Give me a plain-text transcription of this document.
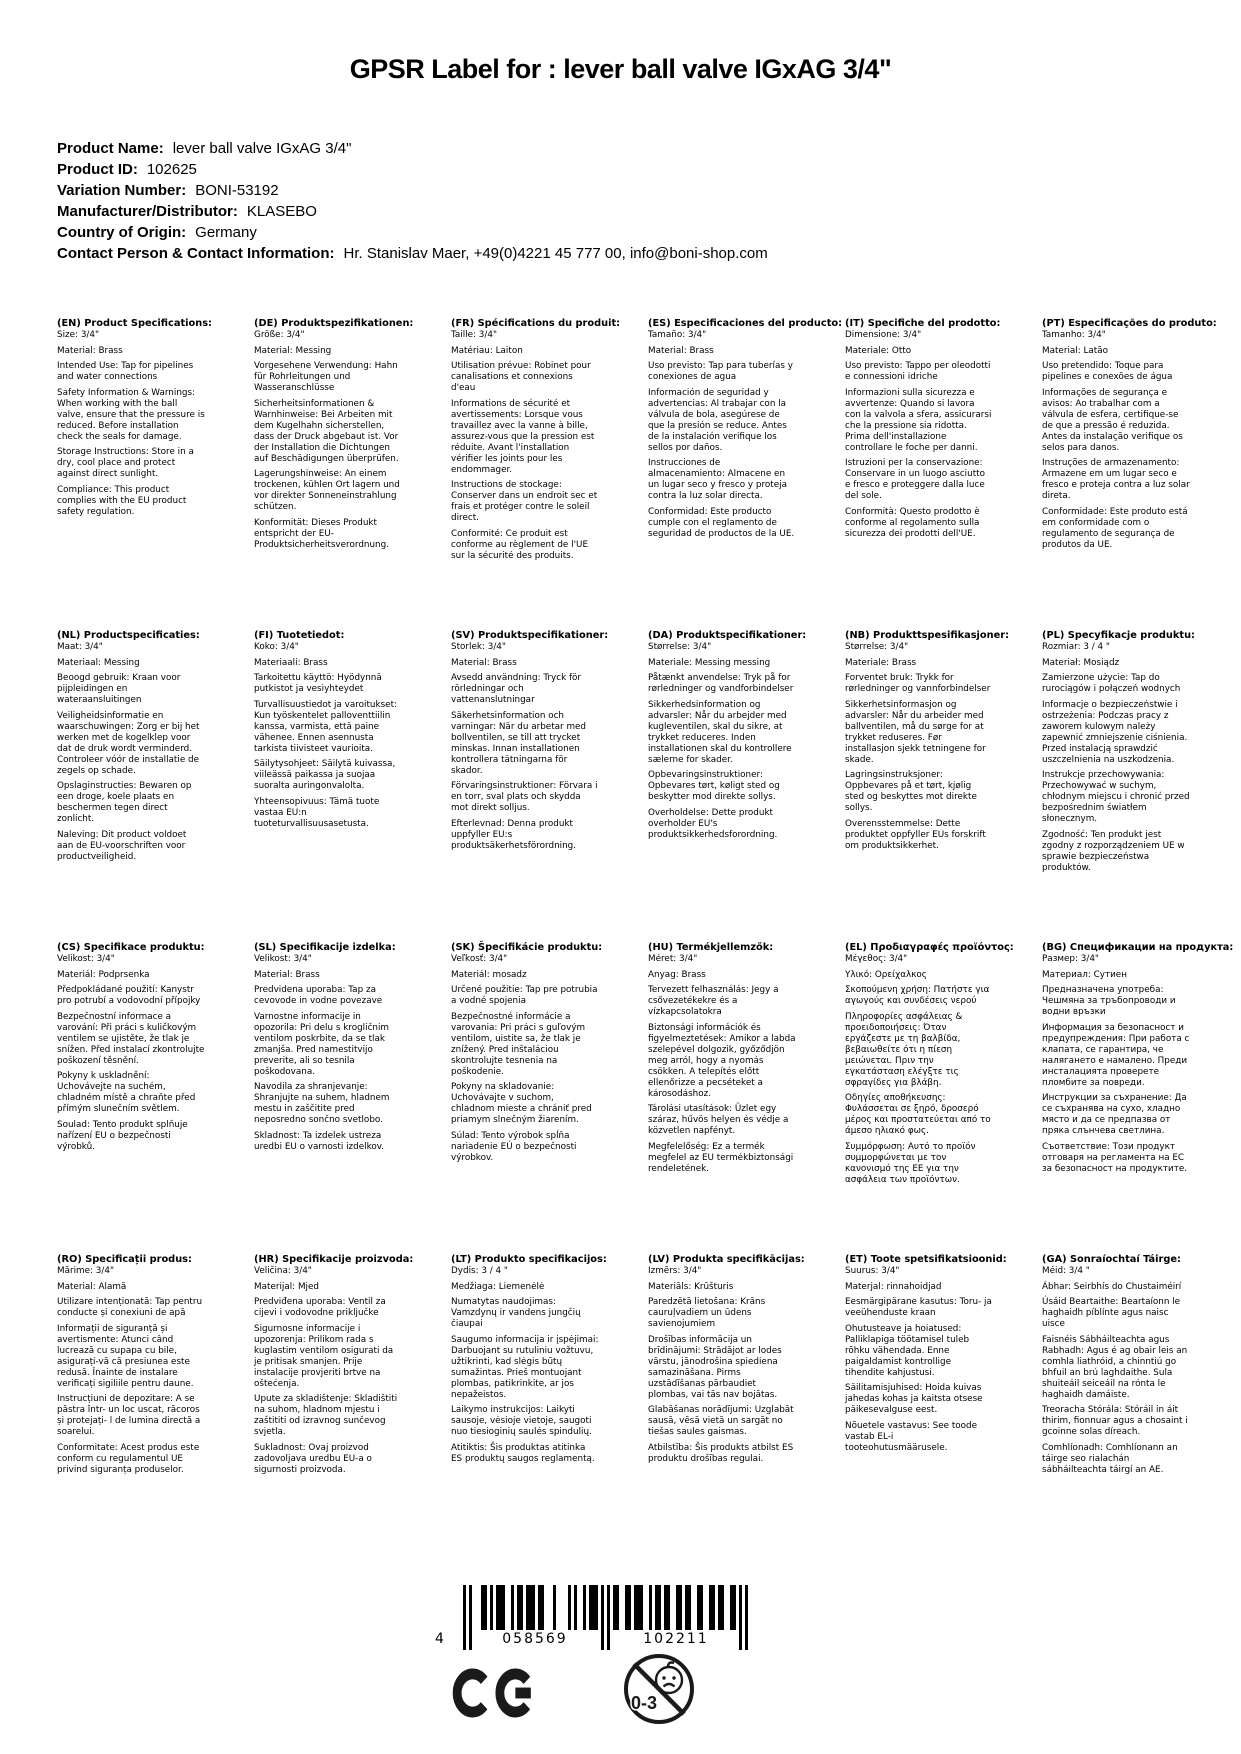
GPSR Label for : lever ball valve IGxAG 3/4"
Product Name: lever ball valve IGxAG 3/4"
Product ID: 102625
Variation Number: BONI-53192
Manufacturer/Distributor: KLASEBO
Country of Origin: Germany
Contact Person & Contact Information: Hr. Stanislav Maer, +49(0)4221 45 777 00, info@boni-shop.com
(EN) Product Specifications:

Size: 3/4"

Material: Brass

Intended Use: Tap for pipelines and water connections

Safety Information & Warnings: When working with the ball valve, ensure that the pressure is reduced. Before installation check the seals for damage.

Storage Instructions: Store in a dry, cool place and protect against direct sunlight.

Compliance: This product complies with the EU product safety regulation.

(DE) Produktspezifikationen:

Größe: 3/4"

Material: Messing

Vorgesehene Verwendung: Hahn für Rohrleitungen und Wasseranschlüsse

Sicherheitsinformationen & Warnhinweise: Bei Arbeiten mit dem Kugelhahn sicherstellen, dass der Druck abgebaut ist. Vor der Installation die Dichtungen auf Beschädigungen überprüfen.

Lagerungshinweise: An einem trockenen, kühlen Ort lagern und vor direkter Sonneneinstrahlung schützen.

Konformität: Dieses Produkt entspricht der EU-Produktsicherheitsverordnung.

(FR) Spécifications du produit:

Taille: 3/4"

Matériau: Laiton

Utilisation prévue: Robinet pour canalisations et connexions d'eau

Informations de sécurité et avertissements: Lorsque vous travaillez avec la vanne à bille, assurez-vous que la pression est réduite. Avant l'installation vérifier les joints pour les endommager.

Instructions de stockage: Conserver dans un endroit sec et frais et protéger contre le soleil direct.

Conformité: Ce produit est conforme au règlement de l'UE sur la sécurité des produits.

(ES) Especificaciones del producto:

Tamaño: 3/4"

Material: Brass

Uso previsto: Tap para tuberías y conexiones de agua

Información de seguridad y advertencias: Al trabajar con la válvula de bola, asegúrese de que la presión se reduce. Antes de la instalación verifique los sellos por daños.

Instrucciones de almacenamiento: Almacene en un lugar seco y fresco y proteja contra la luz solar directa.

Conformidad: Este producto cumple con el reglamento de seguridad de productos de la UE.

(IT) Specifiche del prodotto:

Dimensione: 3/4"

Materiale: Otto

Uso previsto: Tappo per oleodotti e connessioni idriche

Informazioni sulla sicurezza e avvertenze: Quando si lavora con la valvola a sfera, assicurarsi che la pressione sia ridotta. Prima dell'installazione controllare le foche per danni.

Istruzioni per la conservazione: Conservare in un luogo asciutto e fresco e proteggere dalla luce del sole.

Conformità: Questo prodotto è conforme al regolamento sulla sicurezza dei prodotti dell'UE.

(PT) Especificações do produto:

Tamanho: 3/4"

Material: Latão

Uso pretendido: Toque para pipelines e conexões de água

Informações de segurança e avisos: Ao trabalhar com a válvula de esfera, certifique-se de que a pressão é reduzida. Antes da instalação verifique os selos para danos.

Instruções de armazenamento: Armazene em um lugar seco e fresco e proteja contra a luz solar direta.

Conformidade: Este produto está em conformidade com o regulamento de segurança de produtos da UE.

(NL) Productspecificaties:

Maat: 3/4"

Materiaal: Messing

Beoogd gebruik: Kraan voor pijpleidingen en wateraansluitingen

Veiligheidsinformatie en waarschuwingen: Zorg er bij het werken met de kogelklep voor dat de druk wordt verminderd. Controleer vóór de installatie de zegels op schade.

Opslaginstructies: Bewaren op een droge, koele plaats en beschermen tegen direct zonlicht.

Naleving: Dit product voldoet aan de EU-voorschriften voor productveiligheid.

(FI) Tuotetiedot:

Koko: 3/4"

Materiaali: Brass

Tarkoitettu käyttö: Hyödynnä putkistot ja vesiyhteydet

Turvallisuustiedot ja varoitukset: Kun työskentelet palloventtiilin kanssa, varmista, että paine vähenee. Ennen asennusta tarkista tiivisteet vaurioita.

Säilytysohjeet: Säilytä kuivassa, viileässä paikassa ja suojaa suoralta auringonvalolta.

Yhteensopivuus: Tämä tuote vastaa EU:n tuoteturvallisuusasetusta.

(SV) Produktspecifikationer:

Storlek: 3/4"

Material: Brass

Avsedd användning: Tryck för rörledningar och vattenanslutningar

Säkerhetsinformation och varningar: När du arbetar med bollventilen, se till att trycket minskas. Innan installationen kontrollera tätningarna för skador.

Förvaringsinstruktioner: Förvara i en torr, sval plats och skydda mot direkt solljus.

Efterlevnad: Denna produkt uppfyller EU:s produktsäkerhetsförordning.

(DA) Produktspecifikationer:

Størrelse: 3/4"

Materiale: Messing messing

Påtænkt anvendelse: Tryk på for rørledninger og vandforbindelser

Sikkerhedsinformation og advarsler: Når du arbejder med kugleventilen, skal du sikre, at trykket reduceres. Inden installationen skal du kontrollere sælerne for skader.

Opbevaringsinstruktioner: Opbevares tørt, køligt sted og beskytter mod direkte sollys.

Overholdelse: Dette produkt overholder EU's produktsikkerhedsforordning.

(NB) Produkttspesifikasjoner:

Størrelse: 3/4"

Materiale: Brass

Forventet bruk: Trykk for rørledninger og vannforbindelser

Sikkerhetsinformasjon og advarsler: Når du arbeider med ballventilen, må du sørge for at trykket reduseres. Før installasjon sjekk tetningene for skade.

Lagringsinstruksjoner: Oppbevares på et tørt, kjølig sted og beskyttes mot direkte sollys.

Overensstemmelse: Dette produktet oppfyller EUs forskrift om produktsikkerhet.

(PL) Specyfikacje produktu:

Rozmiar: 3 / 4 "

Materiał: Mosiądz

Zamierzone użycie: Tap do rurociągów i połączeń wodnych

Informacje o bezpieczeństwie i ostrzeżenia: Podczas pracy z zaworem kulowym należy zapewnić zmniejszenie ciśnienia. Przed instalacją sprawdzić uszczelnienia na uszkodzenia.

Instrukcje przechowywania: Przechowywać w suchym, chłodnym miejscu i chronić przed bezpośrednim światłem słonecznym.

Zgodność: Ten produkt jest zgodny z rozporządzeniem UE w sprawie bezpieczeństwa produktów.

(CS) Specifikace produktu:

Velikost: 3/4"

Materiál: Podprsenka

Předpokládané použití: Kanystr pro potrubí a vodovodní přípojky

Bezpečnostní informace a varování: Při práci s kuličkovým ventilem se ujistěte, že tlak je snížen. Před instalací zkontrolujte poškození těsnění.

Pokyny k uskladnění: Uchovávejte na suchém, chladném místě a chraňte před přímým slunečním světlem.

Soulad: Tento produkt splňuje nařízení EU o bezpečnosti výrobků.

(SL) Specifikacije izdelka:

Velikost: 3/4"

Material: Brass

Predvidena uporaba: Tap za cevovode in vodne povezave

Varnostne informacije in opozorila: Pri delu s krogličnim ventilom poskrbite, da se tlak zmanjša. Pred namestitvijo preverite, ali so tesnila poškodovana.

Navodila za shranjevanje: Shranjujte na suhem, hladnem mestu in zaščitite pred neposredno sončno svetlobo.

Skladnost: Ta izdelek ustreza uredbi EU o varnosti izdelkov.

(SK) Špecifikácie produktu:

Veľkosť: 3/4"

Materiál: mosadz

Určené použitie: Tap pre potrubia a vodné spojenia

Bezpečnostné informácie a varovania: Pri práci s guľovým ventilom, uistite sa, že tlak je znížený. Pred inštaláciou skontrolujte tesnenia na poškodenie.

Pokyny na skladovanie: Uchovávajte v suchom, chladnom mieste a chrániť pred priamym slnečným žiarením.

Súlad: Tento výrobok spĺňa nariadenie EÚ o bezpečnosti výrobkov.

(HU) Termékjellemzők:

Méret: 3/4"

Anyag: Brass

Tervezett felhasználás: Jegy a csővezetékekre és a vízkapcsolatokra

Biztonsági információk és figyelmeztetések: Amikor a labda szelepével dolgozik, győződjön meg arról, hogy a nyomás csökken. A telepítés előtt ellenőrizze a pecséteket a károsodáshoz.

Tárolási utasítások: Üzlet egy száraz, hűvös helyen és védje a közvetlen napfényt.

Megfelelőség: Ez a termék megfelel az EU termékbiztonsági rendeletének.

(EL) Προδιαγραφές προϊόντος:

Μέγεθος: 3/4"

Υλικό: Ορείχαλκος

Σκοπούμενη χρήση: Πατήστε για αγωγούς και συνδέσεις νερού

Πληροφορίες ασφάλειας & προειδοποιήσεις: Όταν εργάζεστε με τη βαλβίδα, βεβαιωθείτε ότι η πίεση μειώνεται. Πριν την εγκατάσταση ελέγξτε τις σφραγίδες για βλάβη.

Οδηγίες αποθήκευσης: Φυλάσσεται σε ξηρό, δροσερό μέρος και προστατεύεται από το άμεσο ηλιακό φως.

Συμμόρφωση: Αυτό το προϊόν συμμορφώνεται με τον κανονισμό της ΕΕ για την ασφάλεια των προϊόντων.

(BG) Спецификации на продукта:

Размер: 3/4"

Материал: Сутиен

Предназначена употреба: Чешмяна за тръбопроводи и водни връзки

Информация за безопасност и предупреждения: При работа с клапата, се гарантира, че налягането е намалено. Преди инсталацията проверете пломбите за повреди.

Инструкции за съхранение: Да се съхранява на сухо, хладно място и да се предпазва от пряка слънчева светлина.

Съответствие: Този продукт отговаря на регламента на ЕС за безопасност на продуктите.

(RO) Specificații produs:

Mărime: 3/4"

Material: Alamă

Utilizare intenționată: Tap pentru conducte și conexiuni de apă

Informații de siguranță și avertismente: Atunci când lucrează cu supapa cu bile, asigurați-vă că presiunea este redusă. Înainte de instalare verificați sigiliile pentru daune.

Instrucțiuni de depozitare: A se păstra într- un loc uscat, răcoros și protejați- l de lumina directă a soarelui.

Conformitate: Acest produs este conform cu regulamentul UE privind siguranța produselor.

(HR) Specifikacije proizvoda:

Veličina: 3/4"

Materijal: Mjed

Predviđena uporaba: Ventil za cijevi i vodovodne priključke

Sigurnosne informacije i upozorenja: Prilikom rada s kuglastim ventilom osigurati da je pritisak smanjen. Prije instalacije provjeriti brtve na oštećenja.

Upute za skladištenje: Skladištiti na suhom, hladnom mjestu i zaštititi od izravnog sunčevog svjetla.

Sukladnost: Ovaj proizvod zadovoljava uredbu EU-a o sigurnosti proizvoda.

(LT) Produkto specifikacijos:

Dydis: 3 / 4 "

Medžiaga: Liemenėlė

Numatytas naudojimas: Vamzdynų ir vandens jungčių čiaupai

Saugumo informacija ir įspėjimai: Darbuojant su rutuliniu vožtuvu, užtikrinti, kad slėgis būtų sumažintas. Prieš montuojant plombas, patikrinkite, ar jos nepažeistos.

Laikymo instrukcijos: Laikyti sausoje, vėsioje vietoje, saugoti nuo tiesioginių saulės spindulių.

Atitiktis: Šis produktas atitinka ES produktų saugos reglamentą.

(LV) Produkta specifikācijas:

Izmērs: 3/4"

Materiāls: Krūšturis

Paredzētā lietošana: Krāns cauruļvadiem un ūdens savienojumiem

Drošības informācija un brīdinājumi: Strādājot ar lodes vārstu, jānodrošina spiediena samazināšana. Pirms uzstādīšanas pārbaudiet plombas, vai tās nav bojātas.

Glabāšanas norādījumi: Uzglabāt sausā, vēsā vietā un sargāt no tiešas saules gaismas.

Atbilstība: Šis produkts atbilst ES produktu drošības regulai.

(ET) Toote spetsifikatsioonid:

Suurus: 3/4"

Materjal: rinnahoidjad

Eesmärgipärane kasutus: Toru- ja veeühenduste kraan

Ohutusteave ja hoiatused: Palliklapiga töötamisel tuleb rõhku vähendada. Enne paigaldamist kontrollige tihendite kahjustusi.

Säilitamisjuhised: Hoida kuivas jahedas kohas ja kaitsta otsese päikesevalguse eest.

Nõuetele vastavus: See toode vastab EL-i tooteohutusmäärusele.

(GA) Sonraíochtaí Táirge:

Méid: 3/4 "

Ábhar: Seirbhís do Chustaiméirí

Úsáid Beartaithe: Beartaíonn le haghaidh píblínte agus naisc uisce

Faisnéis Sábháilteachta agus Rabhadh: Agus é ag obair leis an comhla liathróid, a chinntiú go bhfuil an brú laghdaithe. Sula shuiteáil seiceáil na rónta le haghaidh damáiste.

Treoracha Stórála: Stóráil in áit thirim, fionnuar agus a chosaint i gcoinne solas díreach.

Comhlíonadh: Comhlíonann an táirge seo rialachán sábháilteachta táirgí an AE.

4	058569	102211
0-3
